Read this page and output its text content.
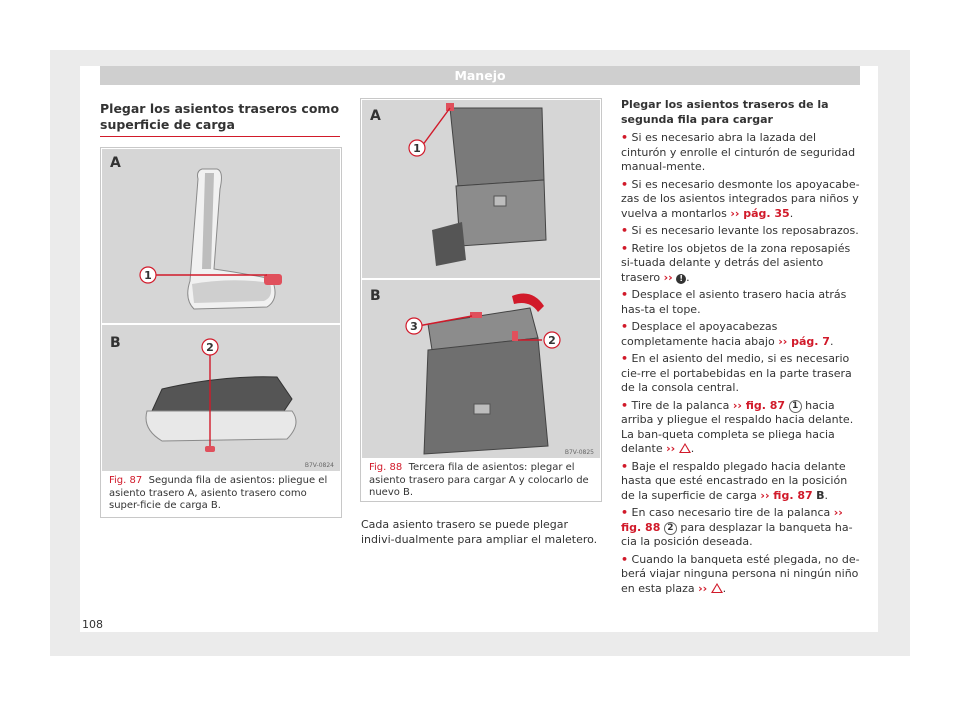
Manejo
Plegar los asientos traseros como superficie de carga
1
A
2
B
B7V-0824
Fig. 87 Segunda fila de asientos: pliegue el asiento trasero A, asiento trasero como super-ficie de carga B.
1
A
3
2
B
B7V-0825
Fig. 88 Tercera fila de asientos: plegar el asiento trasero para cargar A y colocarlo de nuevo B.
Cada asiento trasero se puede plegar indivi-dualmente para ampliar el maletero.

Plegar los asientos traseros de la segunda fila para cargar

• Si es necesario abra la lazada del cinturón y enrolle el cinturón de seguridad manual-mente.

• Si es necesario desmonte los apoyacabe-zas de los asientos integrados para niños y vuelva a montarlos ›› pág. 35.

• Si es necesario levante los reposabrazos.

• Retire los objetos de la zona reposapiés si-tuada delante y detrás del asiento trasero ›› ! .

• Desplace el asiento trasero hacia atrás has-ta el tope.

• Desplace el apoyacabezas completamente hacia abajo ›› pág. 7.

• En el asiento del medio, si es necesario cie-rre el portabebidas en la parte trasera de la consola central.

• Tire de la palanca ›› fig. 87 1 hacia arriba y pliegue el respaldo hacia delante. La ban-queta completa se pliega hacia delante ›› .

• Baje el respaldo plegado hacia delante hasta que esté encastrado en la posición de la superficie de carga ›› fig. 87 B.

• En caso necesario tire de la palanca ›› fig. 88 2 para desplazar la banqueta ha-cia la posición deseada.

• Cuando la banqueta esté plegada, no de-berá viajar ninguna persona ni ningún niño en esta plaza ›› .

108
